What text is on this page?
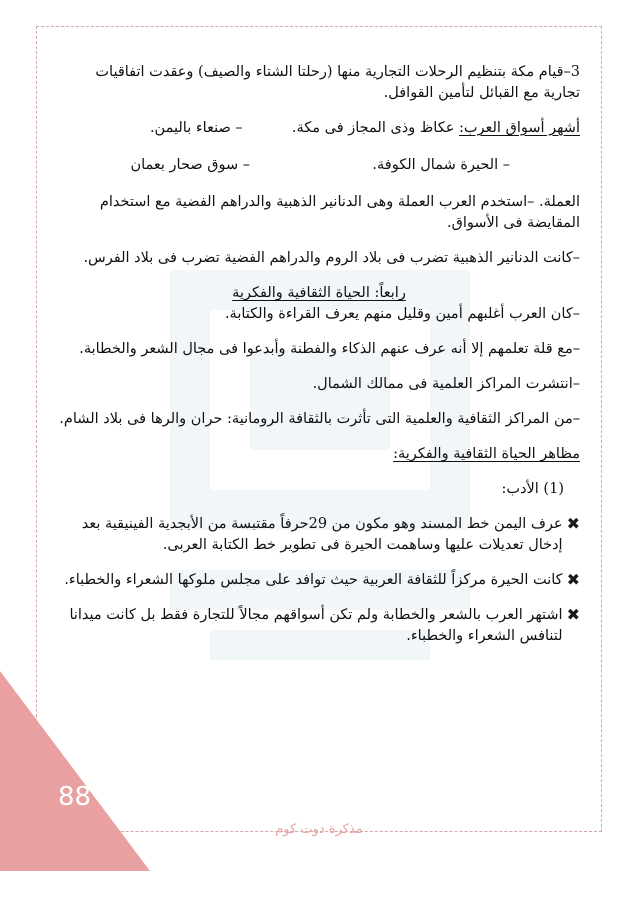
3–قيام مكة بتنظيم الرحلات التجارية منها (رحلتا الشتاء والصيف) وعقدت اتفاقيات تجارية مع القبائل لتأمين القوافل.

أشهر أسواق العرب: عكاظ وذى المجاز فى مكة.  – صنعاء باليمن.

– الحيرة شمال الكوفة.
– سوق صحار بعمان

العملة. –استخدم العرب العملة وهى الدنانير الذهبية والدراهم الفضية مع استخدام المقايضة فى الأسواق.

–كانت الدنانير الذهبية تضرب فى بلاد الروم والدراهم الفضية تضرب فى بلاد الفرس.

رابعاً: الحياة الثقافية والفكرية

–كان العرب أغلبهم أمين وقليل منهم يعرف القراءة والكتابة.

–مع قلة تعلمهم إلا أنه عرف عنهم الذكاء والفطنة وأبدعوا فى مجال الشعر والخطابة.

–انتشرت المراكز العلمية فى ممالك الشمال.

–من المراكز الثقافية والعلمية التى تأثرت بالثقافة الرومانية: حران والرها فى بلاد الشام.

مظاهر الحياة الثقافية والفكرية:

(1) الأدب:

✖
عرف اليمن خط المسند وهو مكون من 29حرفاً مقتبسة من الأبجدية الفينيقية بعد إدخال تعديلات عليها وساهمت الحيرة فى تطوير خط الكتابة العربى.
✖
كانت الحيرة مركزاً للثقافة العربية حيث توافد على مجلس ملوكها الشعراء والخطباء.
✖
اشتهر العرب بالشعر والخطابة ولم تكن أسواقهم مجالاً للتجارة فقط بل كانت ميدانا لتنافس الشعراء والخطباء.
88
مذكرة دوت كوم
